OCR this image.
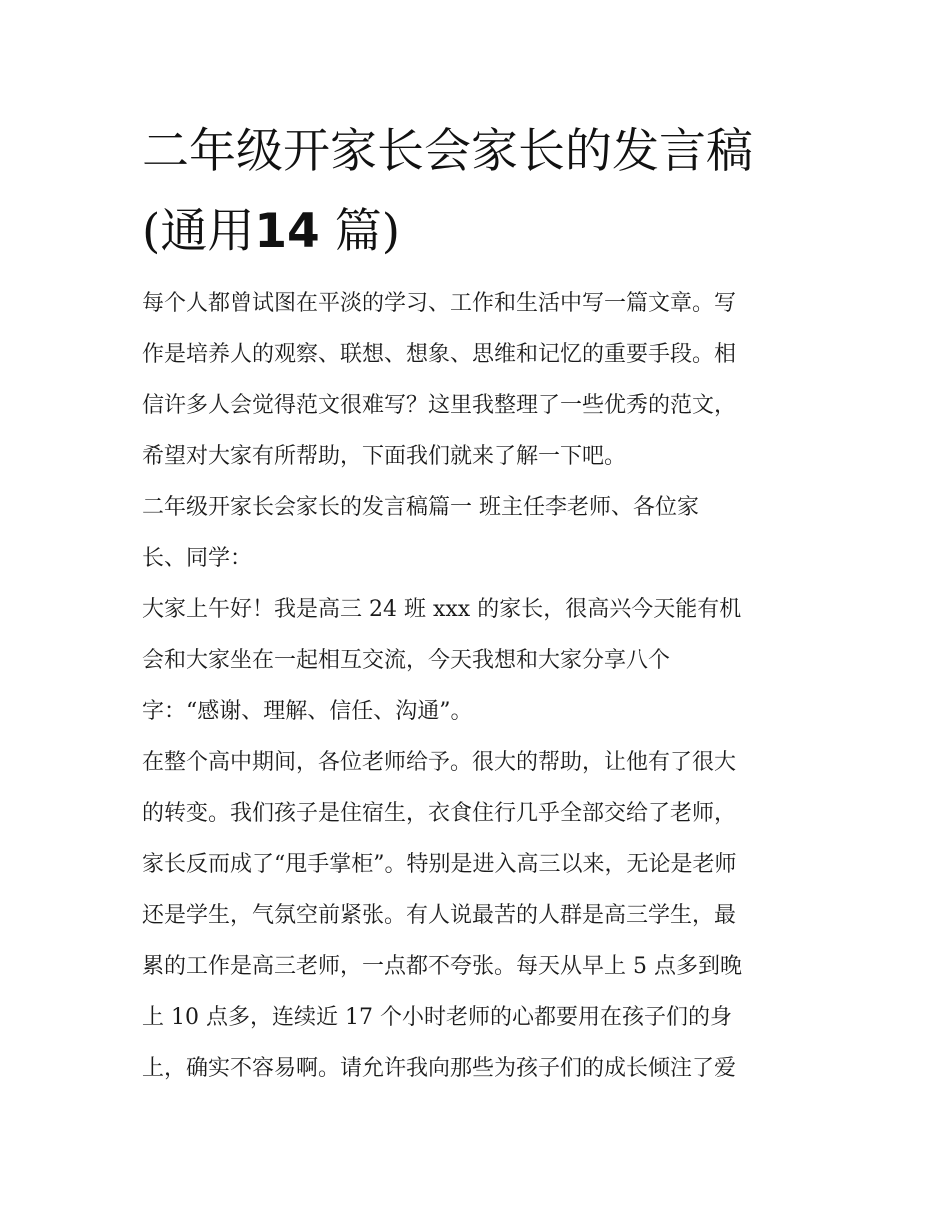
二年级开家长会家长的发言稿
(通用14 篇)
每个人都曾试图在平淡的学习、工作和生活中写一篇文章。写
作是培养人的观察、联想、想象、思维和记忆的重要手段。相
信许多人会觉得范文很难写？这里我整理了一些优秀的范文，
希望对大家有所帮助，下面我们就来了解一下吧。
二年级开家长会家长的发言稿篇一 班主任李老师、各位家
长、同学：
大家上午好！我是高三 24 班 xxx 的家长，很高兴今天能有机
会和大家坐在一起相互交流，今天我想和大家分享八个
字：“感谢、理解、信任、沟通”。
在整个高中期间，各位老师给予。很大的帮助，让他有了很大
的转变。我们孩子是住宿生，衣食住行几乎全部交给了老师，
家长反而成了“甩手掌柜”。特别是进入高三以来，无论是老师
还是学生，气氛空前紧张。有人说最苦的人群是高三学生，最
累的工作是高三老师，一点都不夸张。每天从早上 5 点多到晚
上 10 点多，连续近 17 个小时老师的心都要用在孩子们的身
上，确实不容易啊。请允许我向那些为孩子们的成长倾注了爱
